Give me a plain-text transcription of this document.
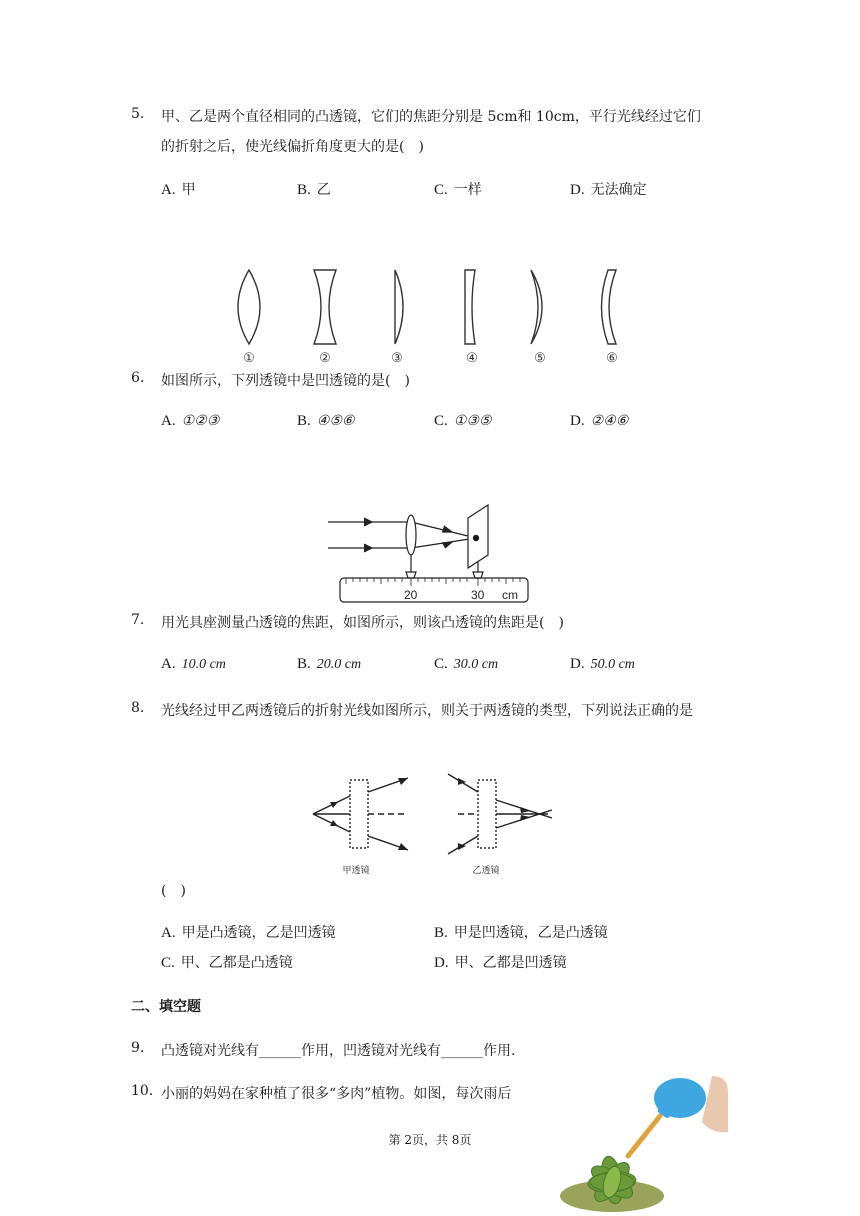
5. 甲、乙是两个直径相同的凸透镜，它们的焦距分别是 5cm和 10cm，平行光线经过它们
的折射之后，使光线偏折角度更大的是(　)
A. 甲	B. 乙	C. 一样	D. 无法确定
①	②	③	④	⑤	⑥
6. 如图所示，下列透镜中是凹透镜的是(　)
A. ①②③	B. ④⑤⑥	C. ①③⑤	D. ②④⑥
20	30 cm
7. 用光具座测量凸透镜的焦距，如图所示，则该凸透镜的焦距是(　)
A. 10.0 cm	B. 20.0 cm	C. 30.0 cm	D. 50.0 cm
8. 光线经过甲乙两透镜后的折射光线如图所示，则关于两透镜的类型，下列说法正确的是
甲透镜	乙透镜
(　)
A. 甲是凸透镜，乙是凹透镜	B. 甲是凹透镜，乙是凸透镜
C. 甲、乙都是凸透镜	D. 甲、乙都是凹透镜
二、填空题
9. 凸透镜对光线有______作用，凹透镜对光线有______作用.
10. 小丽的妈妈在家种植了很多“多肉”植物。如图，每次雨后
第 2页，共 8页
